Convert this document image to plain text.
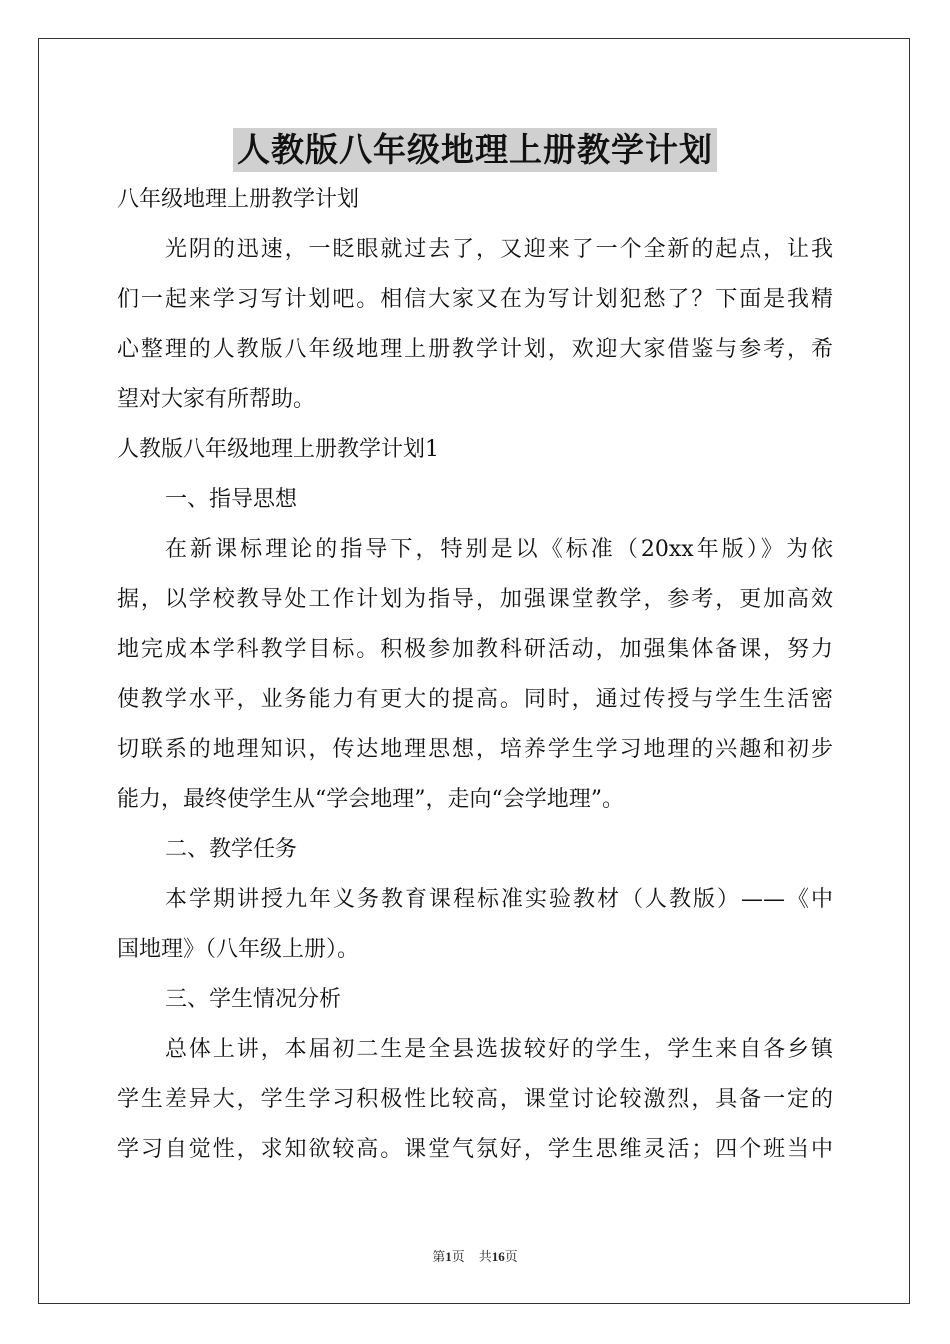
人教版八年级地理上册教学计划
八年级地理上册教学计划
光阴的迅速，一眨眼就过去了，又迎来了一个全新的起点，让我
们一起来学习写计划吧。相信大家又在为写计划犯愁了？下面是我精
心整理的人教版八年级地理上册教学计划，欢迎大家借鉴与参考，希
望对大家有所帮助。
人教版八年级地理上册教学计划1
一、指导思想
在新课标理论的指导下，特别是以《标准（20xx年版）》为依
据，以学校教导处工作计划为指导，加强课堂教学，参考，更加高效
地完成本学科教学目标。积极参加教科研活动，加强集体备课，努力
使教学水平，业务能力有更大的提高。同时，通过传授与学生生活密
切联系的地理知识，传达地理思想，培养学生学习地理的兴趣和初步
能力，最终使学生从“学会地理”，走向“会学地理”。
二、教学任务
本学期讲授九年义务教育课程标准实验教材（人教版）——《中
国地理》（八年级上册）。
三、学生情况分析
总体上讲，本届初二生是全县选拔较好的学生，学生来自各乡镇
学生差异大，学生学习积极性比较高，课堂讨论较激烈，具备一定的
学习自觉性，求知欲较高。课堂气氛好，学生思维灵活；四个班当中
第1页 共16页
